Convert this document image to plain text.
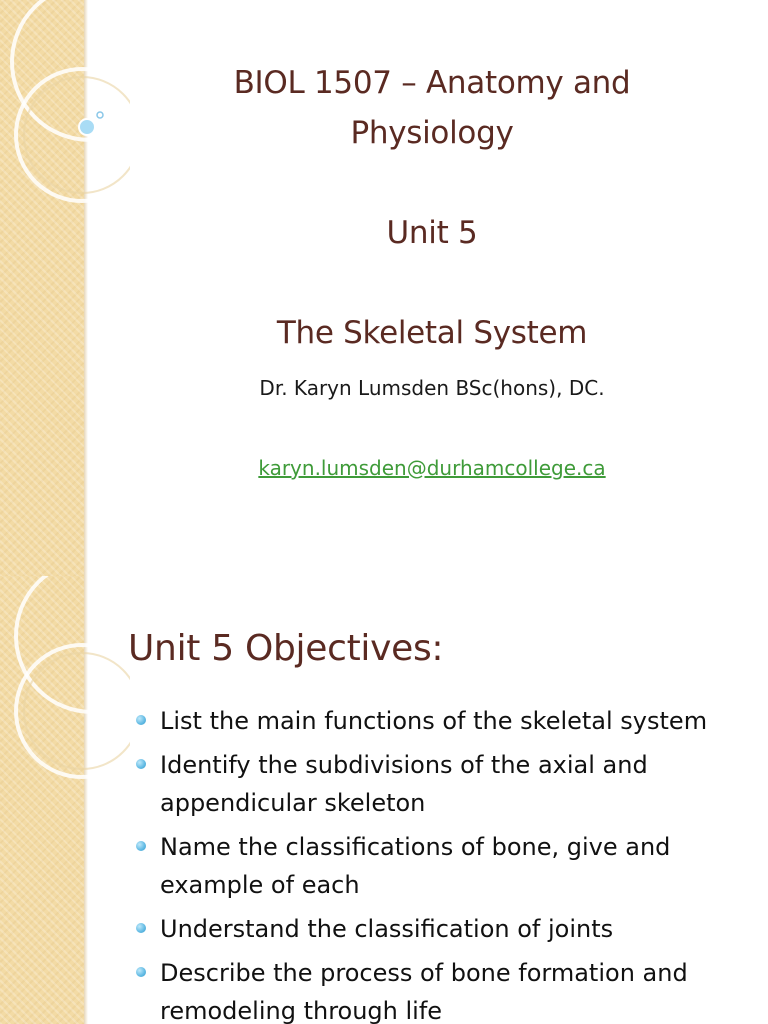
BIOL 1507 – Anatomy and
Physiology
Unit 5
The Skeletal System
Dr. Karyn Lumsden BSc(hons), DC.
karyn.lumsden@durhamcollege.ca
Unit 5 Objectives:
List the main functions of the skeletal system
Identify the subdivisions of the axial and appendicular skeleton
Name the classifications of bone, give and example of each
Understand the classification of joints
Describe the process of bone formation and remodeling through life
